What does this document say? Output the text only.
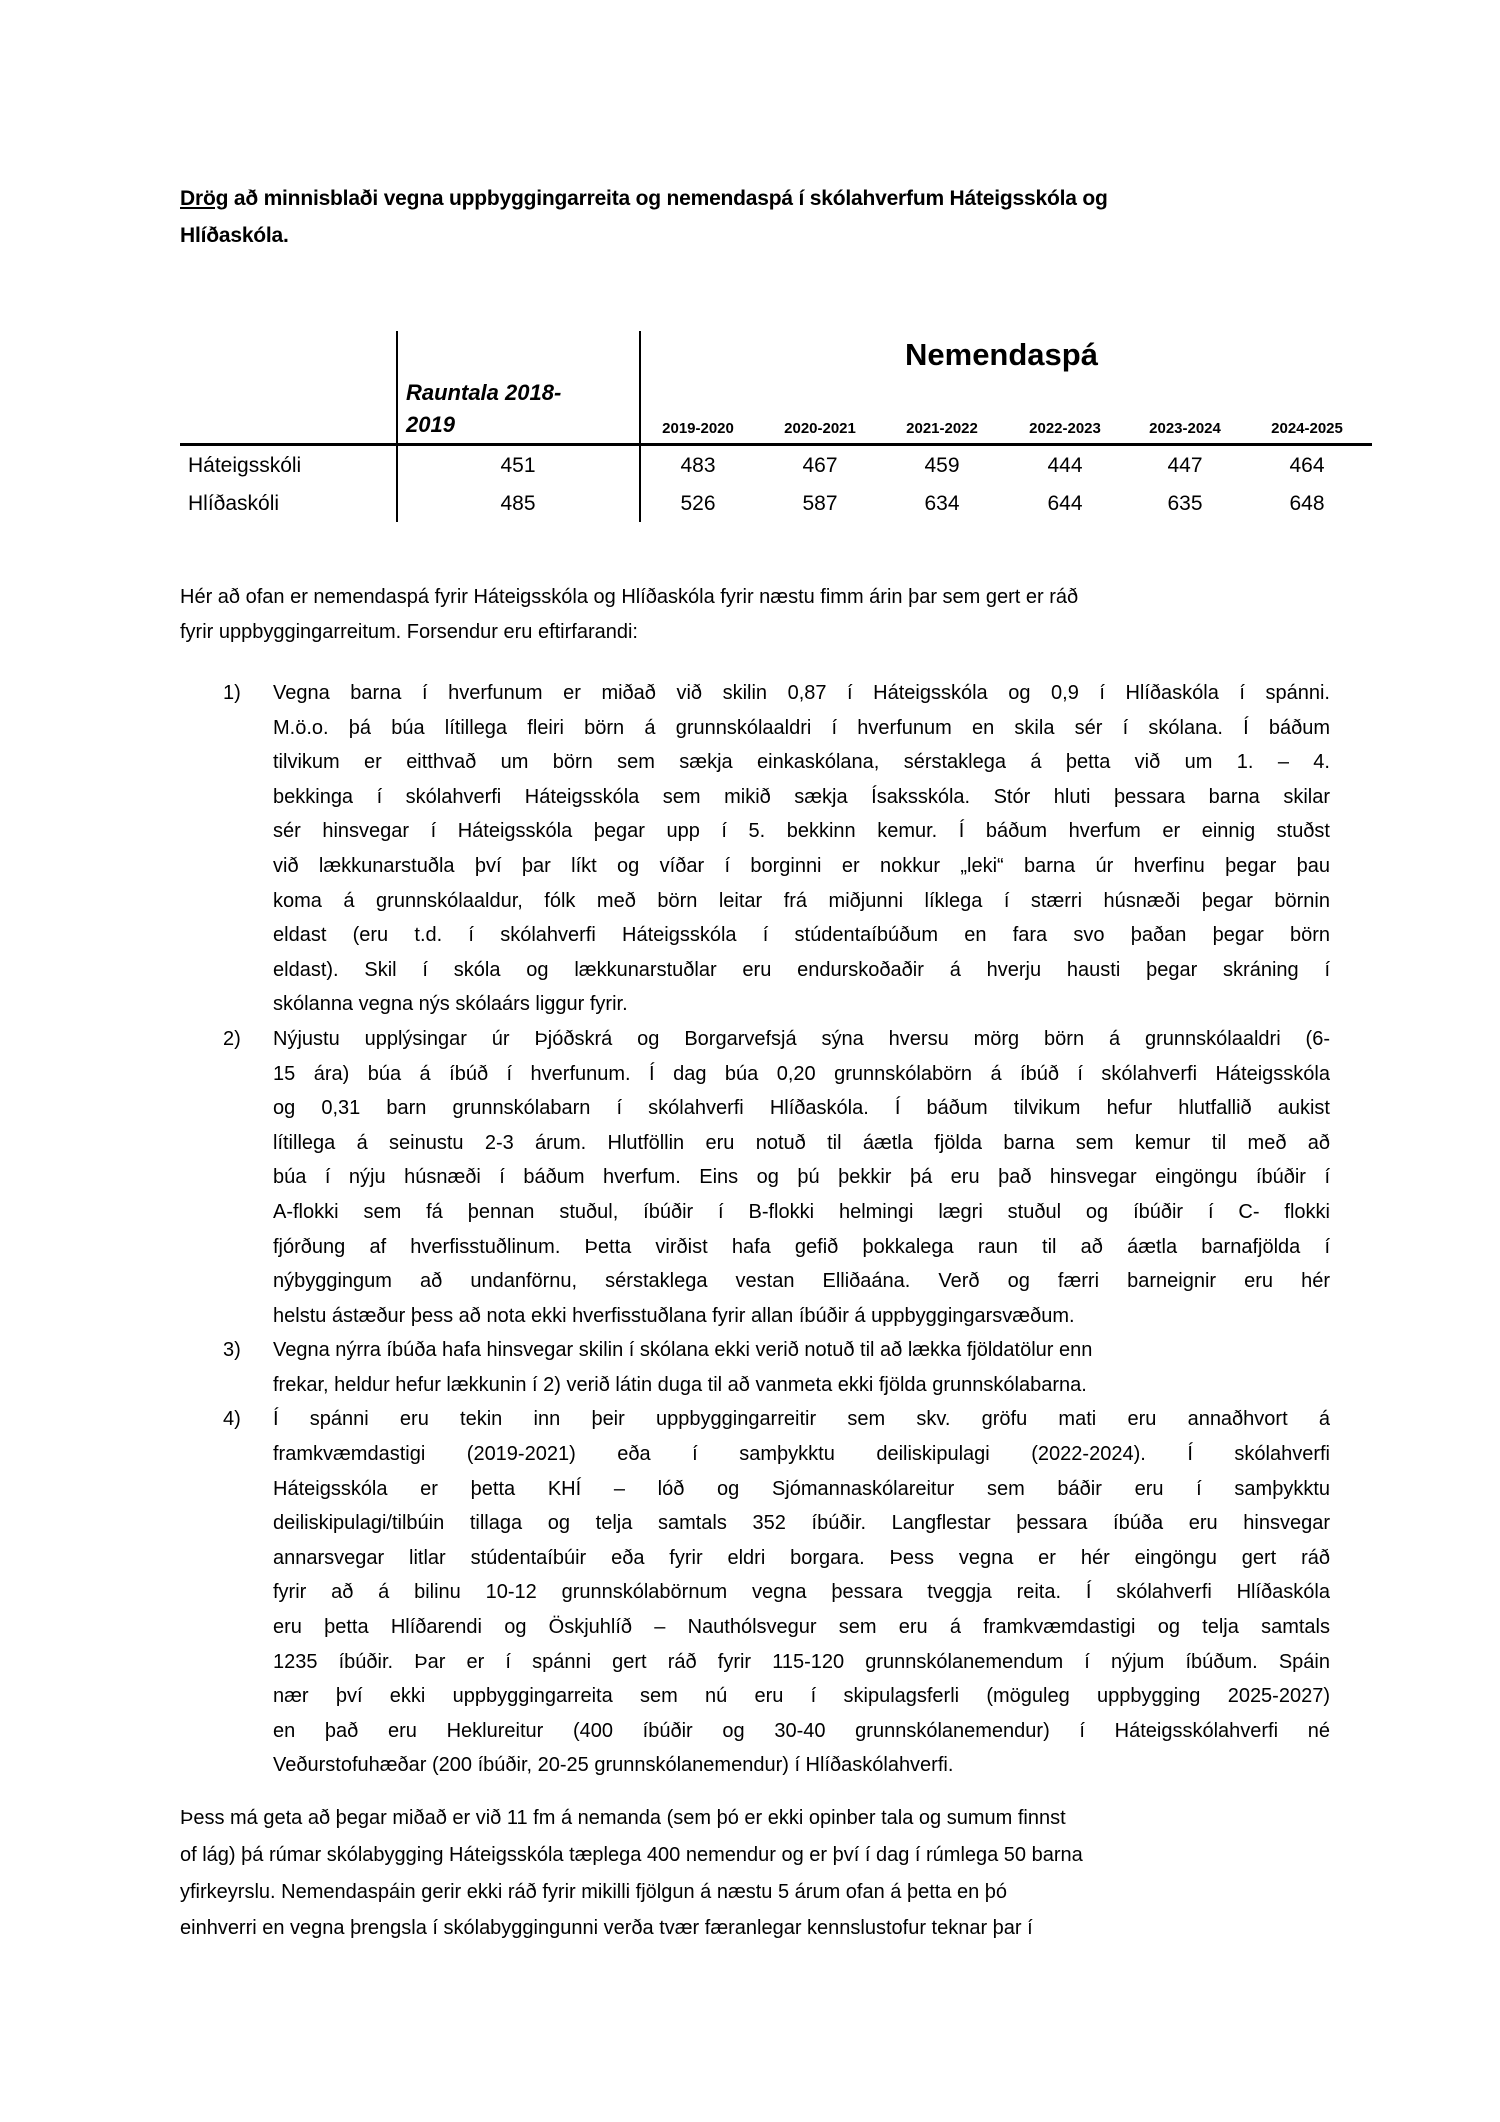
Drög að minnisblaði vegna uppbyggingarreita og nemendaspá í skólahverfum Háteigsskóla og
Hlíðaskóla.
Nemendaspá
Rauntala 2018-
2019	2019-2020	2020-2021	2021-2022	2022-2023	2023-2024	2024-2025
Háteigsskóli	451	483	467	459	444	447	464
Hlíðaskóli	485	526	587	634	644	635	648
Hér að ofan er nemendaspá fyrir Háteigsskóla og Hlíðaskóla fyrir næstu fimm árin þar sem gert er ráð
fyrir uppbyggingarreitum. Forsendur eru eftirfarandi:
1) Vegna barna í hverfunum er miðað við skilin 0,87 í Háteigsskóla og 0,9 í Hlíðaskóla í spánni.
M.ö.o. þá búa lítillega fleiri börn á grunnskólaaldri í hverfunum en skila sér í skólana. Í báðum
tilvikum er eitthvað um börn sem sækja einkaskólana, sérstaklega á þetta við um 1. – 4.
bekkinga í skólahverfi Háteigsskóla sem mikið sækja Ísaksskóla. Stór hluti þessara barna skilar
sér hinsvegar í Háteigsskóla þegar upp í 5. bekkinn kemur. Í báðum hverfum er einnig stuðst
við lækkunarstuðla því þar líkt og víðar í borginni er nokkur „leki“ barna úr hverfinu þegar þau
koma á grunnskólaaldur, fólk með börn leitar frá miðjunni líklega í stærri húsnæði þegar börnin
eldast (eru t.d. í skólahverfi Háteigsskóla í stúdentaíbúðum en fara svo þaðan þegar börn
eldast). Skil í skóla og lækkunarstuðlar eru endurskoðaðir á hverju hausti þegar skráning í
skólanna vegna nýs skólaárs liggur fyrir.
2) Nýjustu upplýsingar úr Þjóðskrá og Borgarvefsjá sýna hversu mörg börn á grunnskólaaldri (6-
15 ára) búa á íbúð í hverfunum. Í dag búa 0,20 grunnskólabörn á íbúð í skólahverfi Háteigsskóla
og 0,31 barn grunnskólabarn í skólahverfi Hlíðaskóla. Í báðum tilvikum hefur hlutfallið aukist
lítillega á seinustu 2-3 árum. Hlutföllin eru notuð til áætla fjölda barna sem kemur til með að
búa í nýju húsnæði í báðum hverfum. Eins og þú þekkir þá eru það hinsvegar eingöngu íbúðir í
A-flokki sem fá þennan stuðul, íbúðir í B-flokki helmingi lægri stuðul og íbúðir í C- flokki
fjórðung af hverfisstuðlinum. Þetta virðist hafa gefið þokkalega raun til að áætla barnafjölda í
nýbyggingum að undanförnu, sérstaklega vestan Elliðaána. Verð og færri barneignir eru hér
helstu ástæður þess að nota ekki hverfisstuðlana fyrir allan íbúðir á uppbyggingarsvæðum.
3) Vegna nýrra íbúða hafa hinsvegar skilin í skólana ekki verið notuð til að lækka fjöldatölur enn
frekar, heldur hefur lækkunin í 2) verið látin duga til að vanmeta ekki fjölda grunnskólabarna.
4) Í spánni eru tekin inn þeir uppbyggingarreitir sem skv. gröfu mati eru annaðhvort á
framkvæmdastigi (2019-2021) eða í samþykktu deiliskipulagi (2022-2024). Í skólahverfi
Háteigsskóla er þetta KHÍ – lóð og Sjómannaskólareitur sem báðir eru í samþykktu
deiliskipulagi/tilbúin tillaga og telja samtals 352 íbúðir. Langflestar þessara íbúða eru hinsvegar
annarsvegar litlar stúdentaíbúir eða fyrir eldri borgara. Þess vegna er hér eingöngu gert ráð
fyrir að á bilinu 10-12 grunnskólabörnum vegna þessara tveggja reita. Í skólahverfi Hlíðaskóla
eru þetta Hlíðarendi og Öskjuhlíð – Nauthólsvegur sem eru á framkvæmdastigi og telja samtals
1235 íbúðir. Þar er í spánni gert ráð fyrir 115-120 grunnskólanemendum í nýjum íbúðum. Spáin
nær því ekki uppbyggingarreita sem nú eru í skipulagsferli (möguleg uppbygging 2025-2027)
en það eru Heklureitur (400 íbúðir og 30-40 grunnskólanemendur) í Háteigsskólahverfi né
Veðurstofuhæðar (200 íbúðir, 20-25 grunnskólanemendur) í Hlíðaskólahverfi.
Þess má geta að þegar miðað er við 11 fm á nemanda (sem þó er ekki opinber tala og sumum finnst
of lág) þá rúmar skólabygging Háteigsskóla tæplega 400 nemendur og er því í dag í rúmlega 50 barna
yfirkeyrslu. Nemendaspáin gerir ekki ráð fyrir mikilli fjölgun á næstu 5 árum ofan á þetta en þó
einhverri en vegna þrengsla í skólabyggingunni verða tvær færanlegar kennslustofur teknar þar í
